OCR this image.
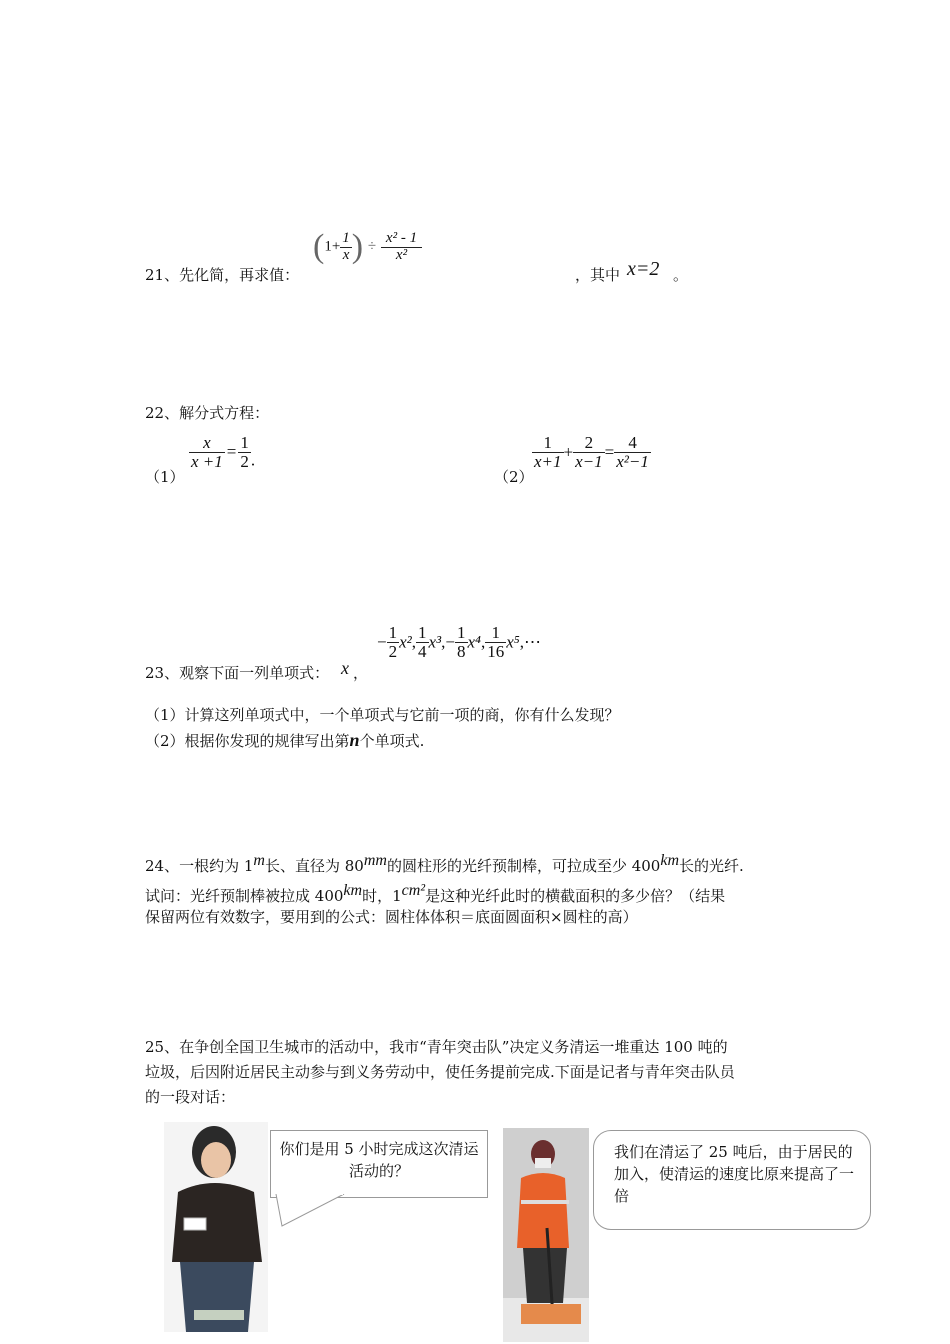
21、先化简，再求值：
($1+ \frac{1}{x}$ ) ÷ $\frac{\text{x² - 1}}{\text{x²}}$
，其中 x=2 。
22、解分式方程：
（1）
$\frac{x}{x +1} = \frac{1}{2}$ .
（2）
$\frac{1}{x+1} + \frac{2}{x-1} = \frac{4}{\text{x²−1}}$
23、观察下面一列单项式： x ，
− $\frac{1}{2} x^2$, $\frac{1}{4} x^3,- \frac{1}{8} x^4$, $\frac{1}{16}$ x⁵,⋯
（1）计算这列单项式中，一个单项式与它前一项的商，你有什么发现？
（2）根据你发现的规律写出第n个单项式.
24、一根约为 1$^m$长、直径为 $80^{mm}$的圆柱形的光纤预制棒，可拉成至少 $400^{km}$长的光纤.
试问：光纤预制棒被拉成 $400^{km}$时，$1^{cm^2}$是这种光纤此时的横截面积的多少倍？（结果
保留两位有效数字，要用到的公式：圆柱体体积＝底面圆面积×圆柱的高）
25、在争创全国卫生城市的活动中，我市“青年突击队”决定义务清运一堆重达 100 吨的
垃圾，后因附近居民主动参与到义务劳动中，使任务提前完成.下面是记者与青年突击队员
的一段对话：
你们是用 5 小时完成这次清运活动的？
我们在清运了 25 吨后，由于居民的加入，使清运的速度比原来提高了一倍
